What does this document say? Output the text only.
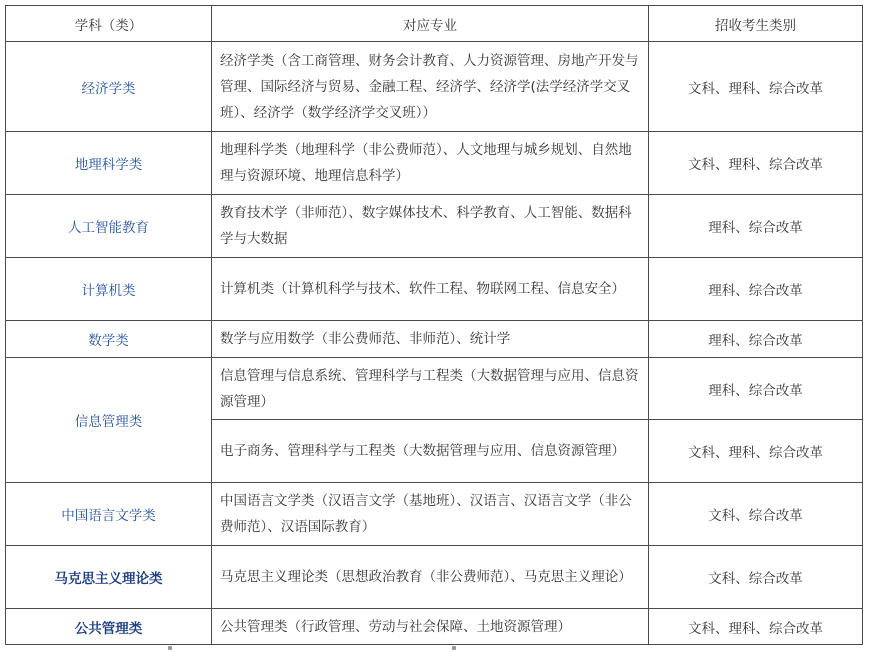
学科（类）	对应专业	招收考生类别
经济学类	经济学类（含工商管理、财务会计教育、人力资源管理、房地产开发与管理、国际经济与贸易、金融工程、经济学、经济学(法学经济学交叉班）、经济学（数学经济学交叉班））	文科、理科、综合改革
地理科学类	地理科学类（地理科学（非公费师范）、人文地理与城乡规划、自然地理与资源环境、地理信息科学）	文科、理科、综合改革
人工智能教育	教育技术学（非师范）、数字媒体技术、科学教育、人工智能、数据科学与大数据	理科、综合改革
计算机类	计算机类（计算机科学与技术、软件工程、物联网工程、信息安全）	理科、综合改革
数学类	数学与应用数学（非公费师范、非师范）、统计学	理科、综合改革
信息管理类	信息管理与信息系统、管理科学与工程类（大数据管理与应用、信息资源管理）	理科、综合改革
	电子商务、管理科学与工程类（大数据管理与应用、信息资源管理）	文科、理科、综合改革
中国语言文学类	中国语言文学类（汉语言文学（基地班）、汉语言、汉语言文学（非公费师范）、汉语国际教育）	文科、综合改革
马克思主义理论类	马克思主义理论类（思想政治教育（非公费师范）、马克思主义理论）	文科、综合改革
公共管理类	公共管理类（行政管理、劳动与社会保障、土地资源管理）	文科、理科、综合改革
